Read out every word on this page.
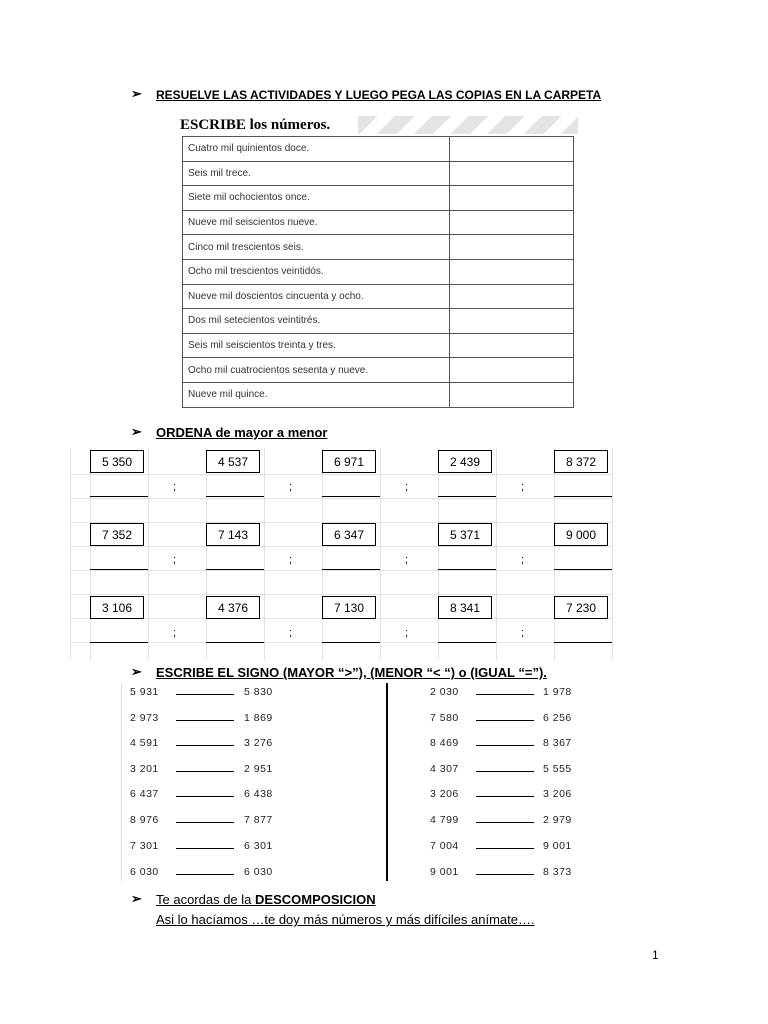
➢ RESUELVE LAS ACTIVIDADES Y LUEGO PEGA LAS COPIAS EN LA CARPETA
ESCRIBE los números.
Cuatro mil quinientos doce.	
Seis mil trece.	
Siete mil ochocientos once.	
Nueve mil seiscientos nueve.	
Cinco mil trescientos seis.	
Ocho mil trescientos veintidós.	
Nueve mil doscientos cincuenta y ocho.	
Dos mil setecientos veintitrés.	
Seis mil seiscientos treinta y tres.	
Ocho mil cuatrocientos sesenta y nueve.	
Nueve mil quince.	
➢ ORDENA de mayor a menor
5 350	4 537	6 971	2 439	8 372
;	;	;	;
7 352	7 143	6 347	5 371	9 000
;	;	;	;
3 106	4 376	7 130	8 341	7 230
;	;	;	;
➢ ESCRIBE EL SIGNO (MAYOR “>”), (MENOR “< “) o (IGUAL “=”).
5 931	5 830
2 973	1 869
4 591	3 276
3 201	2 951
6 437	6 438
8 976	7 877
7 301	6 301
6 030	6 030
2 030	1 978
7 580	6 256
8 469	8 367
4 307	5 555
3 206	3 206
4 799	2 979
7 004	9 001
9 001	8 373
➢ Te acordas de la DESCOMPOSICION
Asi lo hacíamos …te doy más números y más difíciles anímate….
1
